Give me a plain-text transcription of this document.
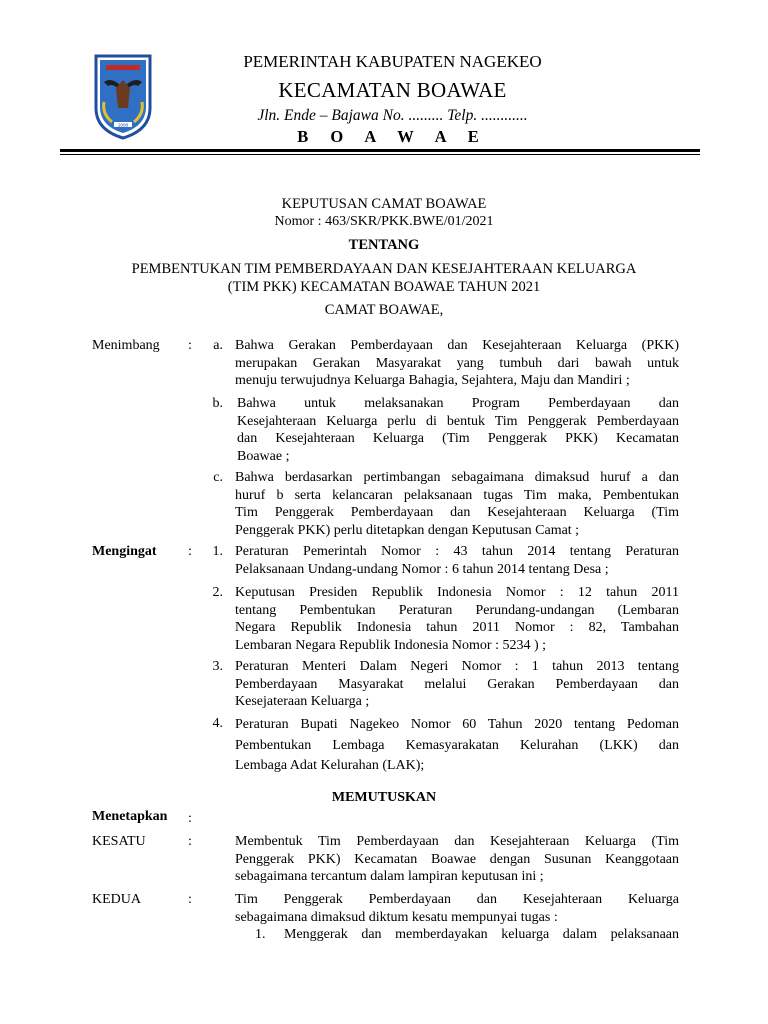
2008
PEMERINTAH KABUPATEN NAGEKEO
KECAMATAN BOAWAE
Jln. Ende – Bajawa No. ......... Telp. ............
B O A W A E
KEPUTUSAN CAMAT BOAWAE
Nomor : 463/SKR/PKK.BWE/01/2021
TENTANG
PEMBENTUKAN TIM PEMBERDAYAAN DAN KESEJAHTERAAN KELUARGA
(TIM PKK) KECAMATAN BOAWAE TAHUN 2021
CAMAT BOAWAE,
Menimbang :	a. Bahwa Gerakan Pemberdayaan dan Kesejahteraan Keluarga (PKK)
merupakan Gerakan Masyarakat yang tumbuh dari bawah untuk
menuju terwujudnya Keluarga Bahagia, Sejahtera, Maju dan Mandiri ;
b. Bahwa untuk melaksanakan Program Pemberdayaan dan
Kesejahteraan Keluarga perlu di bentuk Tim Penggerak Pemberdayaan
dan Kesejahteraan Keluarga (Tim Penggerak PKK) Kecamatan
Boawae ;
c. Bahwa berdasarkan pertimbangan sebagaimana dimaksud huruf a dan
huruf b serta kelancaran pelaksanaan tugas Tim maka, Pembentukan
Tim Penggerak Pemberdayaan dan Kesejahteraan Keluarga (Tim
Penggerak PKK) perlu ditetapkan dengan Keputusan Camat ;
Mengingat :	1. Peraturan Pemerintah Nomor : 43 tahun 2014 tentang Peraturan
Pelaksanaan Undang-undang Nomor : 6 tahun 2014 tentang Desa ;
2. Keputusan Presiden Republik Indonesia Nomor : 12 tahun 2011
tentang Pembentukan Peraturan Perundang-undangan (Lembaran
Negara Republik Indonesia tahun 2011 Nomor : 82, Tambahan
Lembaran Negara Republik Indonesia Nomor : 5234 ) ;
3. Peraturan Menteri Dalam Negeri Nomor : 1 tahun 2013 tentang
Pemberdayaan Masyarakat melalui Gerakan Pemberdayaan dan
Kesejateraan Keluarga ;
4. Peraturan Bupati Nagekeo Nomor 60 Tahun 2020 tentang Pedoman
Pembentukan Lembaga Kemasyarakatan Kelurahan (LKK) dan
Lembaga Adat Kelurahan (LAK);
MEMUTUSKAN
Menetapkan :
KESATU	:	Membentuk Tim Pemberdayaan dan Kesejahteraan Keluarga (Tim
Penggerak PKK) Kecamatan Boawae dengan Susunan Keanggotaan
sebagaimana tercantum dalam lampiran keputusan ini ;
KEDUA	:	Tim Penggerak Pemberdayaan dan Kesejahteraan Keluarga
sebagaimana dimaksud diktum kesatu mempunyai tugas :
1.	Menggerak dan memberdayakan keluarga dalam pelaksanaan
